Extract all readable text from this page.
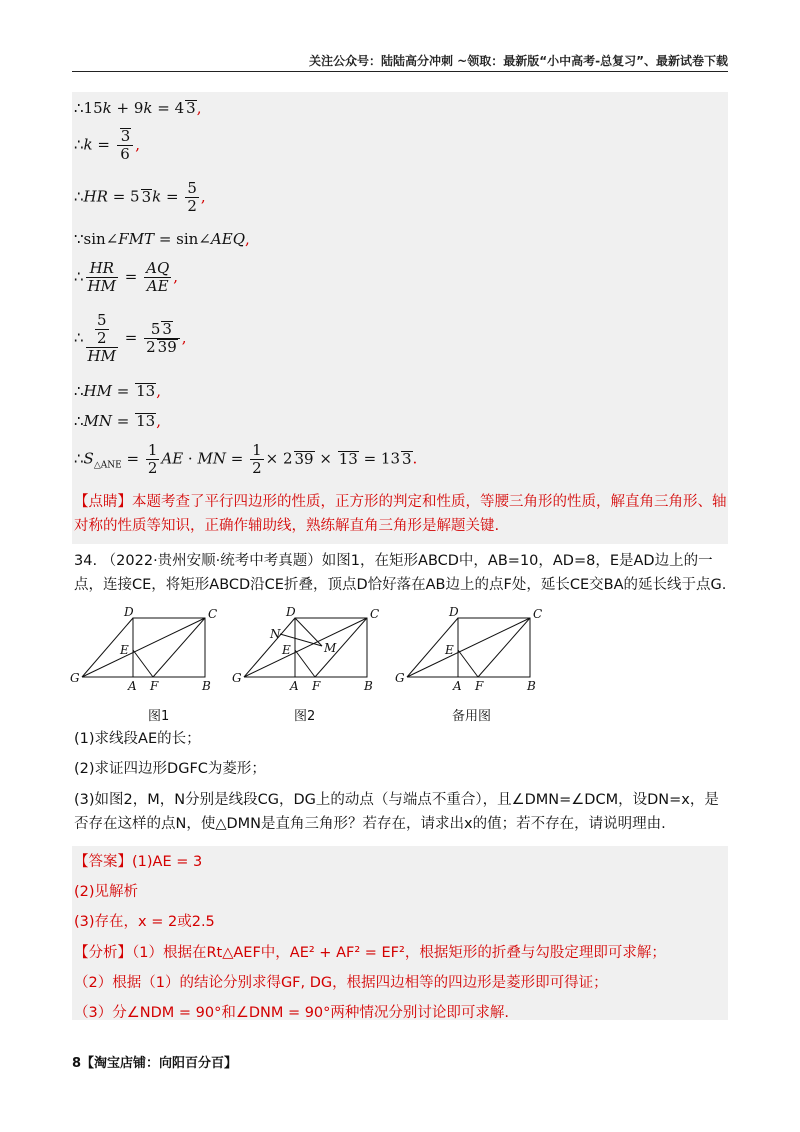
关注公众号：陆陆高分冲刺 ~领取：最新版“小中高考-总复习”、最新试卷下载
∴15k + 9k = 4 3,
∴k = $\frac{3}{6}$ ,
∴HR = 5 $3k = \frac{5}{2}$ ,
∵sin∠FMT = sin∠AEQ,
∴ $\frac{HR}{HM} = \frac{AQ}{AE}$ ,
∴ $\frac{\frac{5}{2}}{HM} = \frac{5 3}{2 39}$ ,
∴HM = 13,
∴MN = 13,
$\therefore S_{\triangle ANE} = \frac{1}{2}$ AE · MN = $\frac{1}{2} \times 2$ 39 × 13 = 13 3.
【点睛】本题考查了平行四边形的性质，正方形的判定和性质，等腰三角形的性质，解直角三角形、轴对称的性质等知识，正确作辅助线，熟练解直角三角形是解题关键.
34. （2022·贵州安顺·统考中考真题）如图1，在矩形ABCD中，AB=10，AD=8，E是AD边上的一点，连接CE，将矩形ABCD沿CE折叠，顶点D恰好落在AB边上的点F处，延长CE交BA的延长线于点G.
D	C
G
A F	B
E
D	C
G
A F	B
E
N
M
D	C
G
A F	B
E
图1	图2	备用图
(1)求线段AE的长；
(2)求证四边形DGFC为菱形；
(3)如图2，M，N分别是线段CG，DG上的动点（与端点不重合），且∠DMN=∠DCM，设DN=x，是否存在这样的点N，使△DMN是直角三角形？若存在，请求出x的值；若不存在，请说明理由.
【答案】(1)AE = 3
(2)见解析
(3)存在，x = 2或2.5
【分析】（1）根据在Rt△AEF中，AE² + AF² = EF²，根据矩形的折叠与勾股定理即可求解；
（2）根据（1）的结论分别求得GF, DG，根据四边相等的四边形是菱形即可得证；
（3）分∠NDM = 90°和∠DNM = 90°两种情况分别讨论即可求解.
8【淘宝店铺：向阳百分百】
